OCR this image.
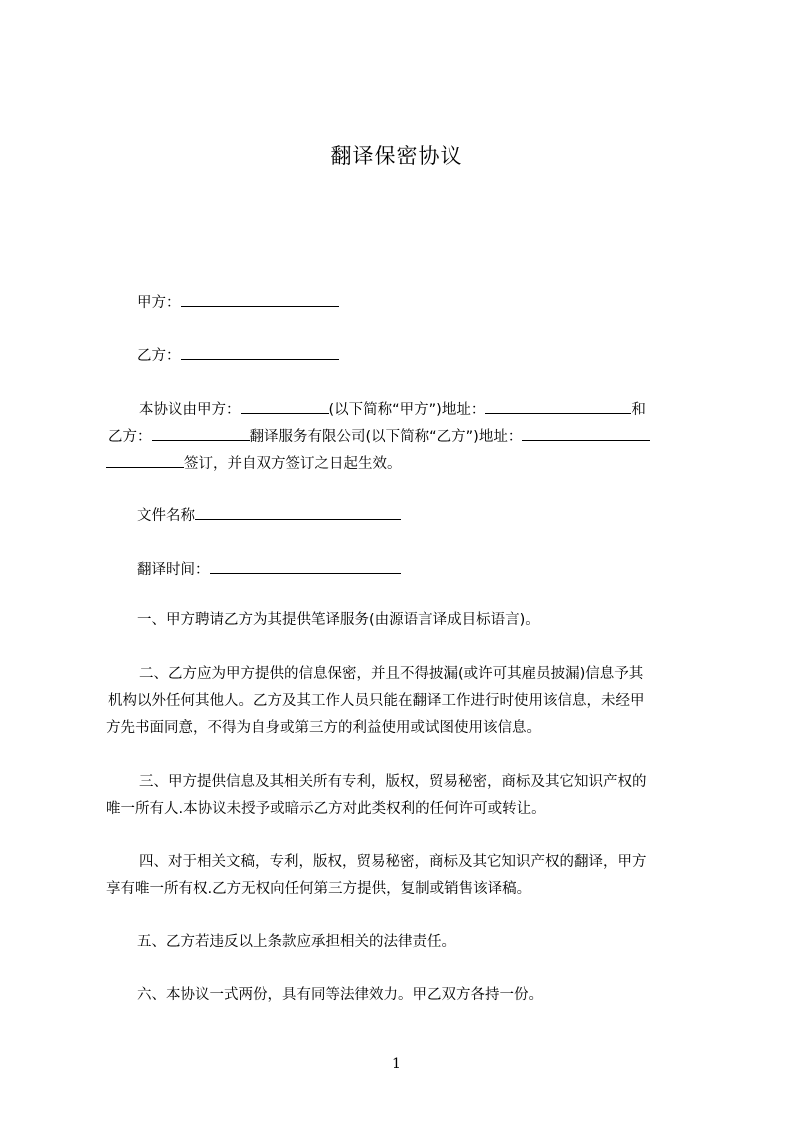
翻译保密协议
甲方：
乙方：
本协议由甲方：	(以下简称“甲方”)地址：	和
乙方：	翻译服务有限公司(以下简称“乙方”)地址：
签订，并自双方签订之日起生效。
文件名称
翻译时间：
一、甲方聘请乙方为其提供笔译服务(由源语言译成目标语言)。
二、乙方应为甲方提供的信息保密，并且不得披漏(或许可其雇员披漏)信息予其
机构以外任何其他人。乙方及其工作人员只能在翻译工作进行时使用该信息，未经甲
方先书面同意，不得为自身或第三方的利益使用或试图使用该信息。
三、甲方提供信息及其相关所有专利，版权，贸易秘密，商标及其它知识产权的
唯一所有人.本协议未授予或暗示乙方对此类权利的任何许可或转让。
四、对于相关文稿，专利，版权，贸易秘密，商标及其它知识产权的翻译，甲方
享有唯一所有权.乙方无权向任何第三方提供，复制或销售该译稿。
五、乙方若违反以上条款应承担相关的法律责任。
六、本协议一式两份，具有同等法律效力。甲乙双方各持一份。
1
